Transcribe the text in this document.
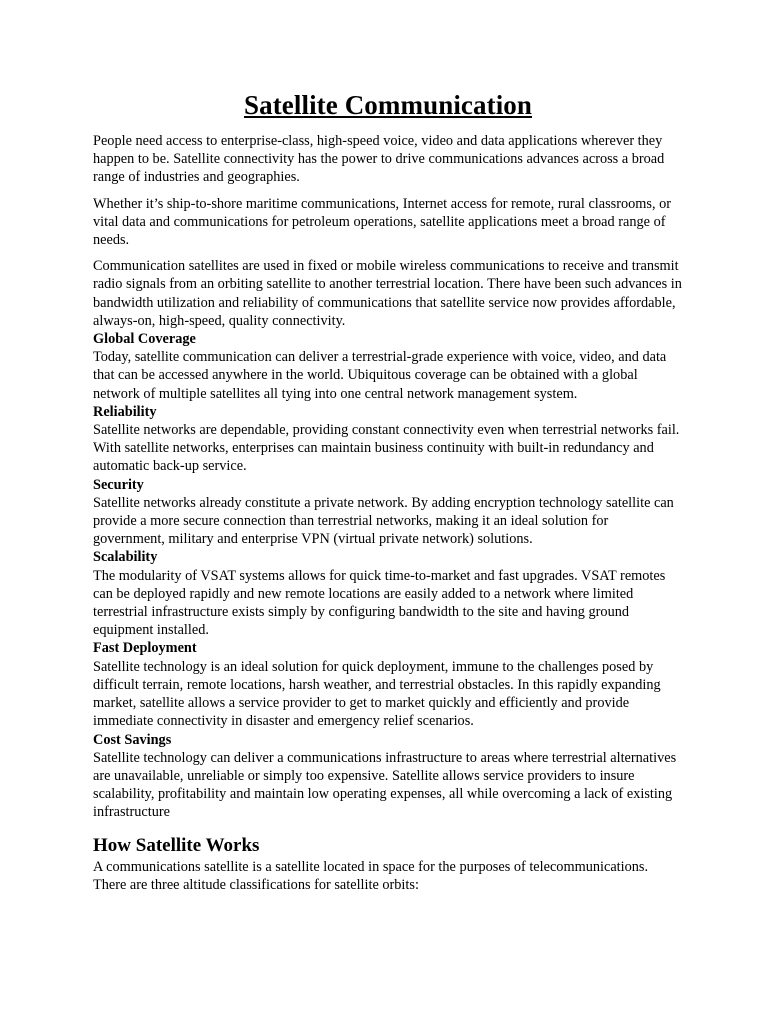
Satellite Communication

People need access to enterprise-class, high-speed voice, video and data applications wherever they happen to be. Satellite connectivity has the power to drive communications advances across a broad range of industries and geographies.

Whether it’s ship-to-shore maritime communications, Internet access for remote, rural classrooms, or vital data and communications for petroleum operations, satellite applications meet a broad range of needs.

Communication satellites are used in fixed or mobile wireless communications to receive and transmit radio signals from an orbiting satellite to another terrestrial location. There have been such advances in bandwidth utilization and reliability of communications that satellite service now provides affordable, always-on, high-speed, quality connectivity.

Global Coverage

Today, satellite communication can deliver a terrestrial-grade experience with voice, video, and data that can be accessed anywhere in the world. Ubiquitous coverage can be obtained with a global network of multiple satellites all tying into one central network management system.

Reliability

Satellite networks are dependable, providing constant connectivity even when terrestrial networks fail. With satellite networks, enterprises can maintain business continuity with built-in redundancy and automatic back-up service.

Security

Satellite networks already constitute a private network. By adding encryption technology satellite can provide a more secure connection than terrestrial networks, making it an ideal solution for government, military and enterprise VPN (virtual private network) solutions.

Scalability

The modularity of VSAT systems allows for quick time-to-market and fast upgrades. VSAT remotes can be deployed rapidly and new remote locations are easily added to a network where limited terrestrial infrastructure exists simply by configuring bandwidth to the site and having ground equipment installed.

Fast Deployment

Satellite technology is an ideal solution for quick deployment, immune to the challenges posed by difficult terrain, remote locations, harsh weather, and terrestrial obstacles. In this rapidly expanding market, satellite allows a service provider to get to market quickly and efficiently and provide immediate connectivity in disaster and emergency relief scenarios.

Cost Savings

Satellite technology can deliver a communications infrastructure to areas where terrestrial alternatives are unavailable, unreliable or simply too expensive. Satellite allows service providers to insure scalability, profitability and maintain low operating expenses, all while overcoming a lack of existing infrastructure

How Satellite Works

A communications satellite is a satellite located in space for the purposes of telecommunications. There are three altitude classifications for satellite orbits:
